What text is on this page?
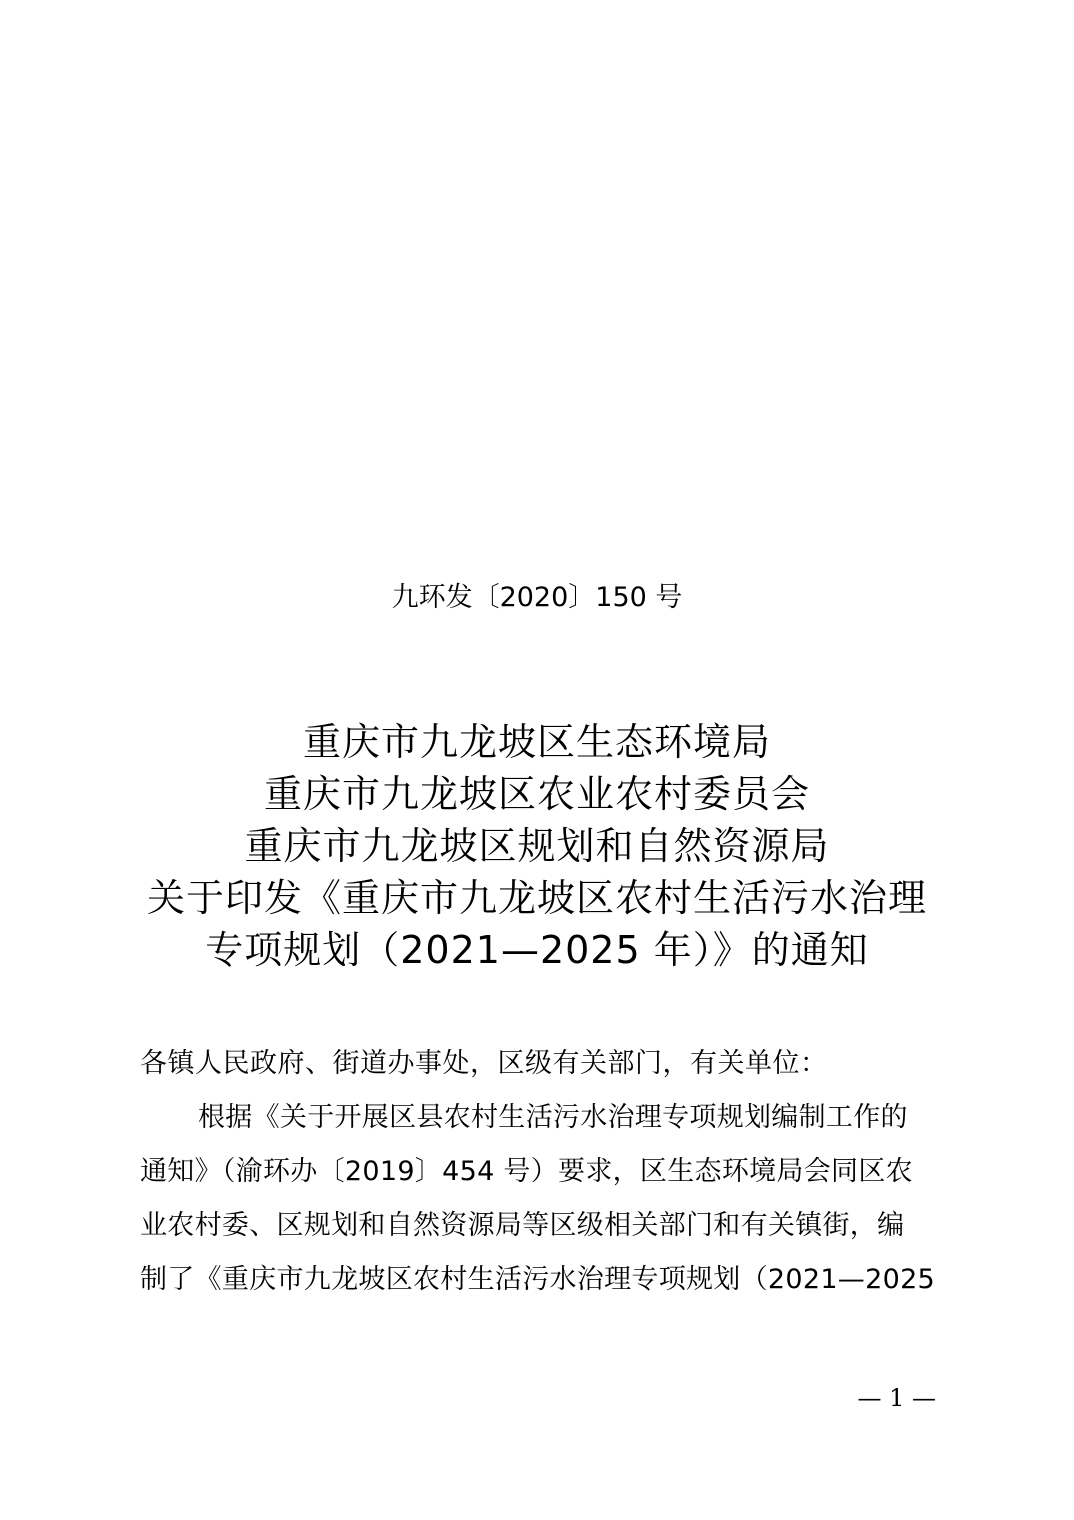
九环发〔2020〕150 号
重庆市九龙坡区生态环境局
重庆市九龙坡区农业农村委员会
重庆市九龙坡区规划和自然资源局
关于印发《重庆市九龙坡区农村生活污水治理
专项规划（2021—2025 年）》的通知
各镇人民政府、街道办事处，区级有关部门，有关单位：
根据《关于开展区县农村生活污水治理专项规划编制工作的
通知》（渝环办〔2019〕454 号）要求，区生态环境局会同区农
业农村委、区规划和自然资源局等区级相关部门和有关镇街，编
制了《重庆市九龙坡区农村生活污水治理专项规划（2021—2025
— 1 —
